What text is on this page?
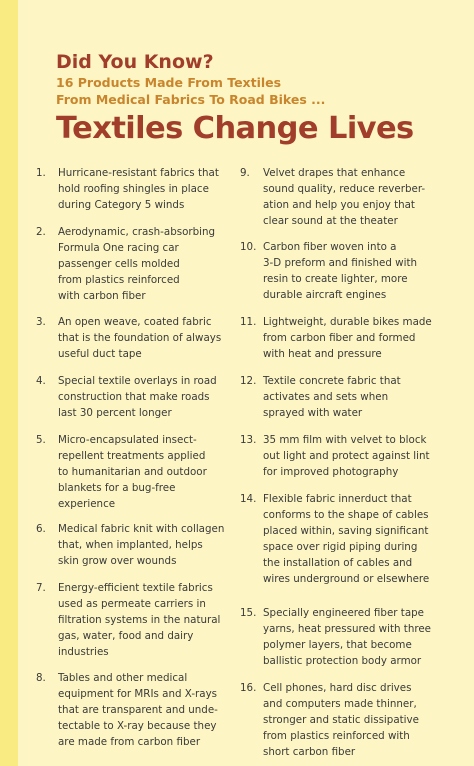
Did You Know?
16 Products Made From Textiles
From Medical Fabrics To Road Bikes ...
Textiles Change Lives
1.	Hurricane-resistant fabrics that
hold roofing shingles in place
during Category 5 winds
2.	Aerodynamic, crash-absorbing
Formula One racing car
passenger cells molded
from plastics reinforced
with carbon fiber
3.	An open weave, coated fabric
that is the foundation of always
useful duct tape
4.	Special textile overlays in road
construction that make roads
last 30 percent longer
5.	Micro-encapsulated insect-
repellent treatments applied
to humanitarian and outdoor
blankets for a bug-free
experience
6.	Medical fabric knit with collagen
that, when implanted, helps
skin grow over wounds
7.	Energy-efficient textile fabrics
used as permeate carriers in
filtration systems in the natural
gas, water, food and dairy
industries
8.	Tables and other medical
equipment for MRIs and X-rays
that are transparent and unde-
tectable to X-ray because they
are made from carbon fiber
9.	Velvet drapes that enhance
sound quality, reduce reverber-
ation and help you enjoy that
clear sound at the theater
10. Carbon fiber woven into a
3-D preform and finished with
resin to create lighter, more
durable aircraft engines
11. Lightweight, durable bikes made
from carbon fiber and formed
with heat and pressure
12. Textile concrete fabric that
activates and sets when
sprayed with water
13. 35 mm film with velvet to block
out light and protect against lint
for improved photography
14. Flexible fabric innerduct that
conforms to the shape of cables
placed within, saving significant
space over rigid piping during
the installation of cables and
wires underground or elsewhere
15. Specially engineered fiber tape
yarns, heat pressured with three
polymer layers, that become
ballistic protection body armor
16. Cell phones, hard disc drives
and computers made thinner,
stronger and static dissipative
from plastics reinforced with
short carbon fiber
